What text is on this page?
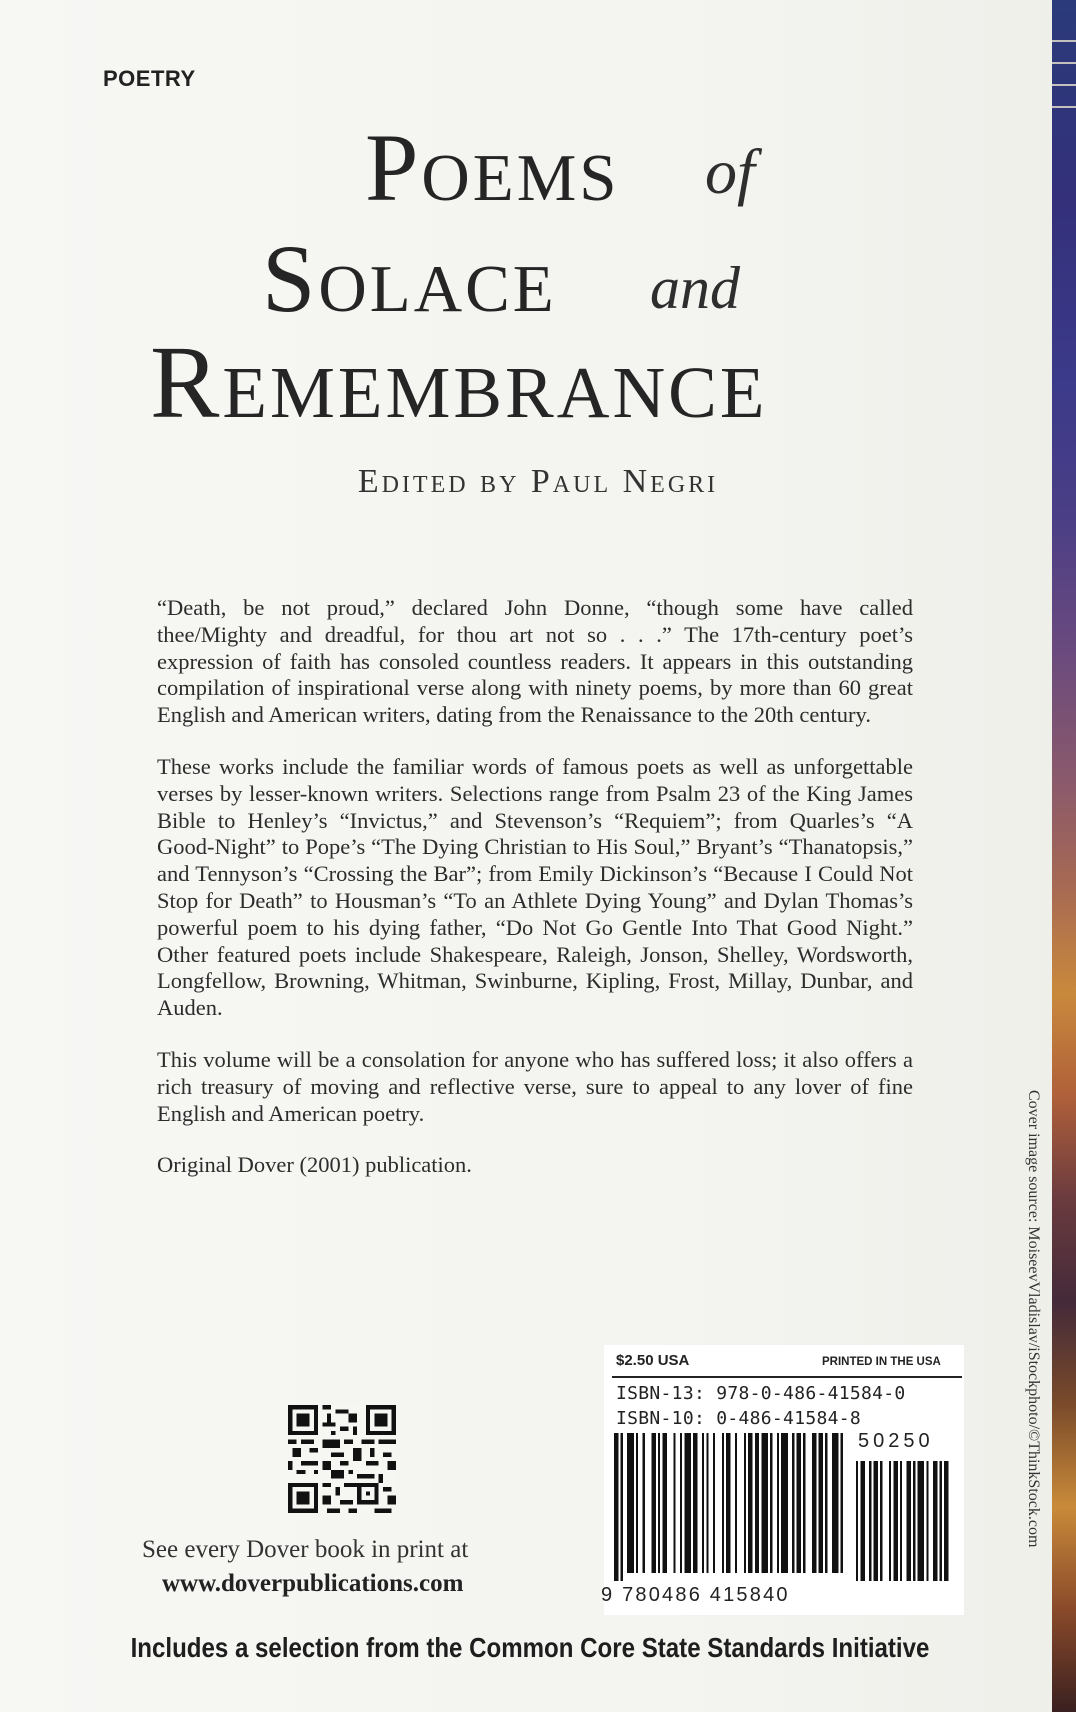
POETRY
Poems of
Solace and
Remembrance
Edited by Paul Negri

“Death, be not proud,” declared John Donne, “though some have called thee/Mighty and dreadful, for thou art not so . . .” The 17th-century poet’s expression of faith has consoled countless readers. It appears in this outstanding compilation of inspirational verse along with ninety poems, by more than 60 great English and American writers, dating from the Renaissance to the 20th century.

These works include the familiar words of famous poets as well as unforgettable verses by lesser-known writers. Selections range from Psalm 23 of the King James Bible to Henley’s “Invictus,” and Stevenson’s “Requiem”; from Quarles’s “A Good-Night” to Pope’s “The Dying Christian to His Soul,” Bryant’s “Thanatopsis,” and Tennyson’s “Crossing the Bar”; from Emily Dickinson’s “Because I Could Not Stop for Death” to Housman’s “To an Athlete Dying Young” and Dylan Thomas’s powerful poem to his dying father, “Do Not Go Gentle Into That Good Night.” Other featured poets include Shakespeare, Raleigh, Jonson, Shelley, Wordsworth, Longfellow, Browning, Whitman, Swinburne, Kipling, Frost, Millay, Dunbar, and Auden.

This volume will be a consolation for anyone who has suffered loss; it also offers a rich treasury of moving and reflective verse, sure to appeal to any lover of fine English and American poetry.

Original Dover (2001) publication.	Cover image source: MoiseevVladislav/iStockphoto/©ThinkStock.com
See every Dover book in print at
www.doverpublications.com
$2.50 USA	PRINTED IN THE USA
ISBN-13: 978-0-486-41584-0
ISBN-10: 0-486-41584-8
50250
9 780486 415840
Includes a selection from the Common Core State Standards Initiative
